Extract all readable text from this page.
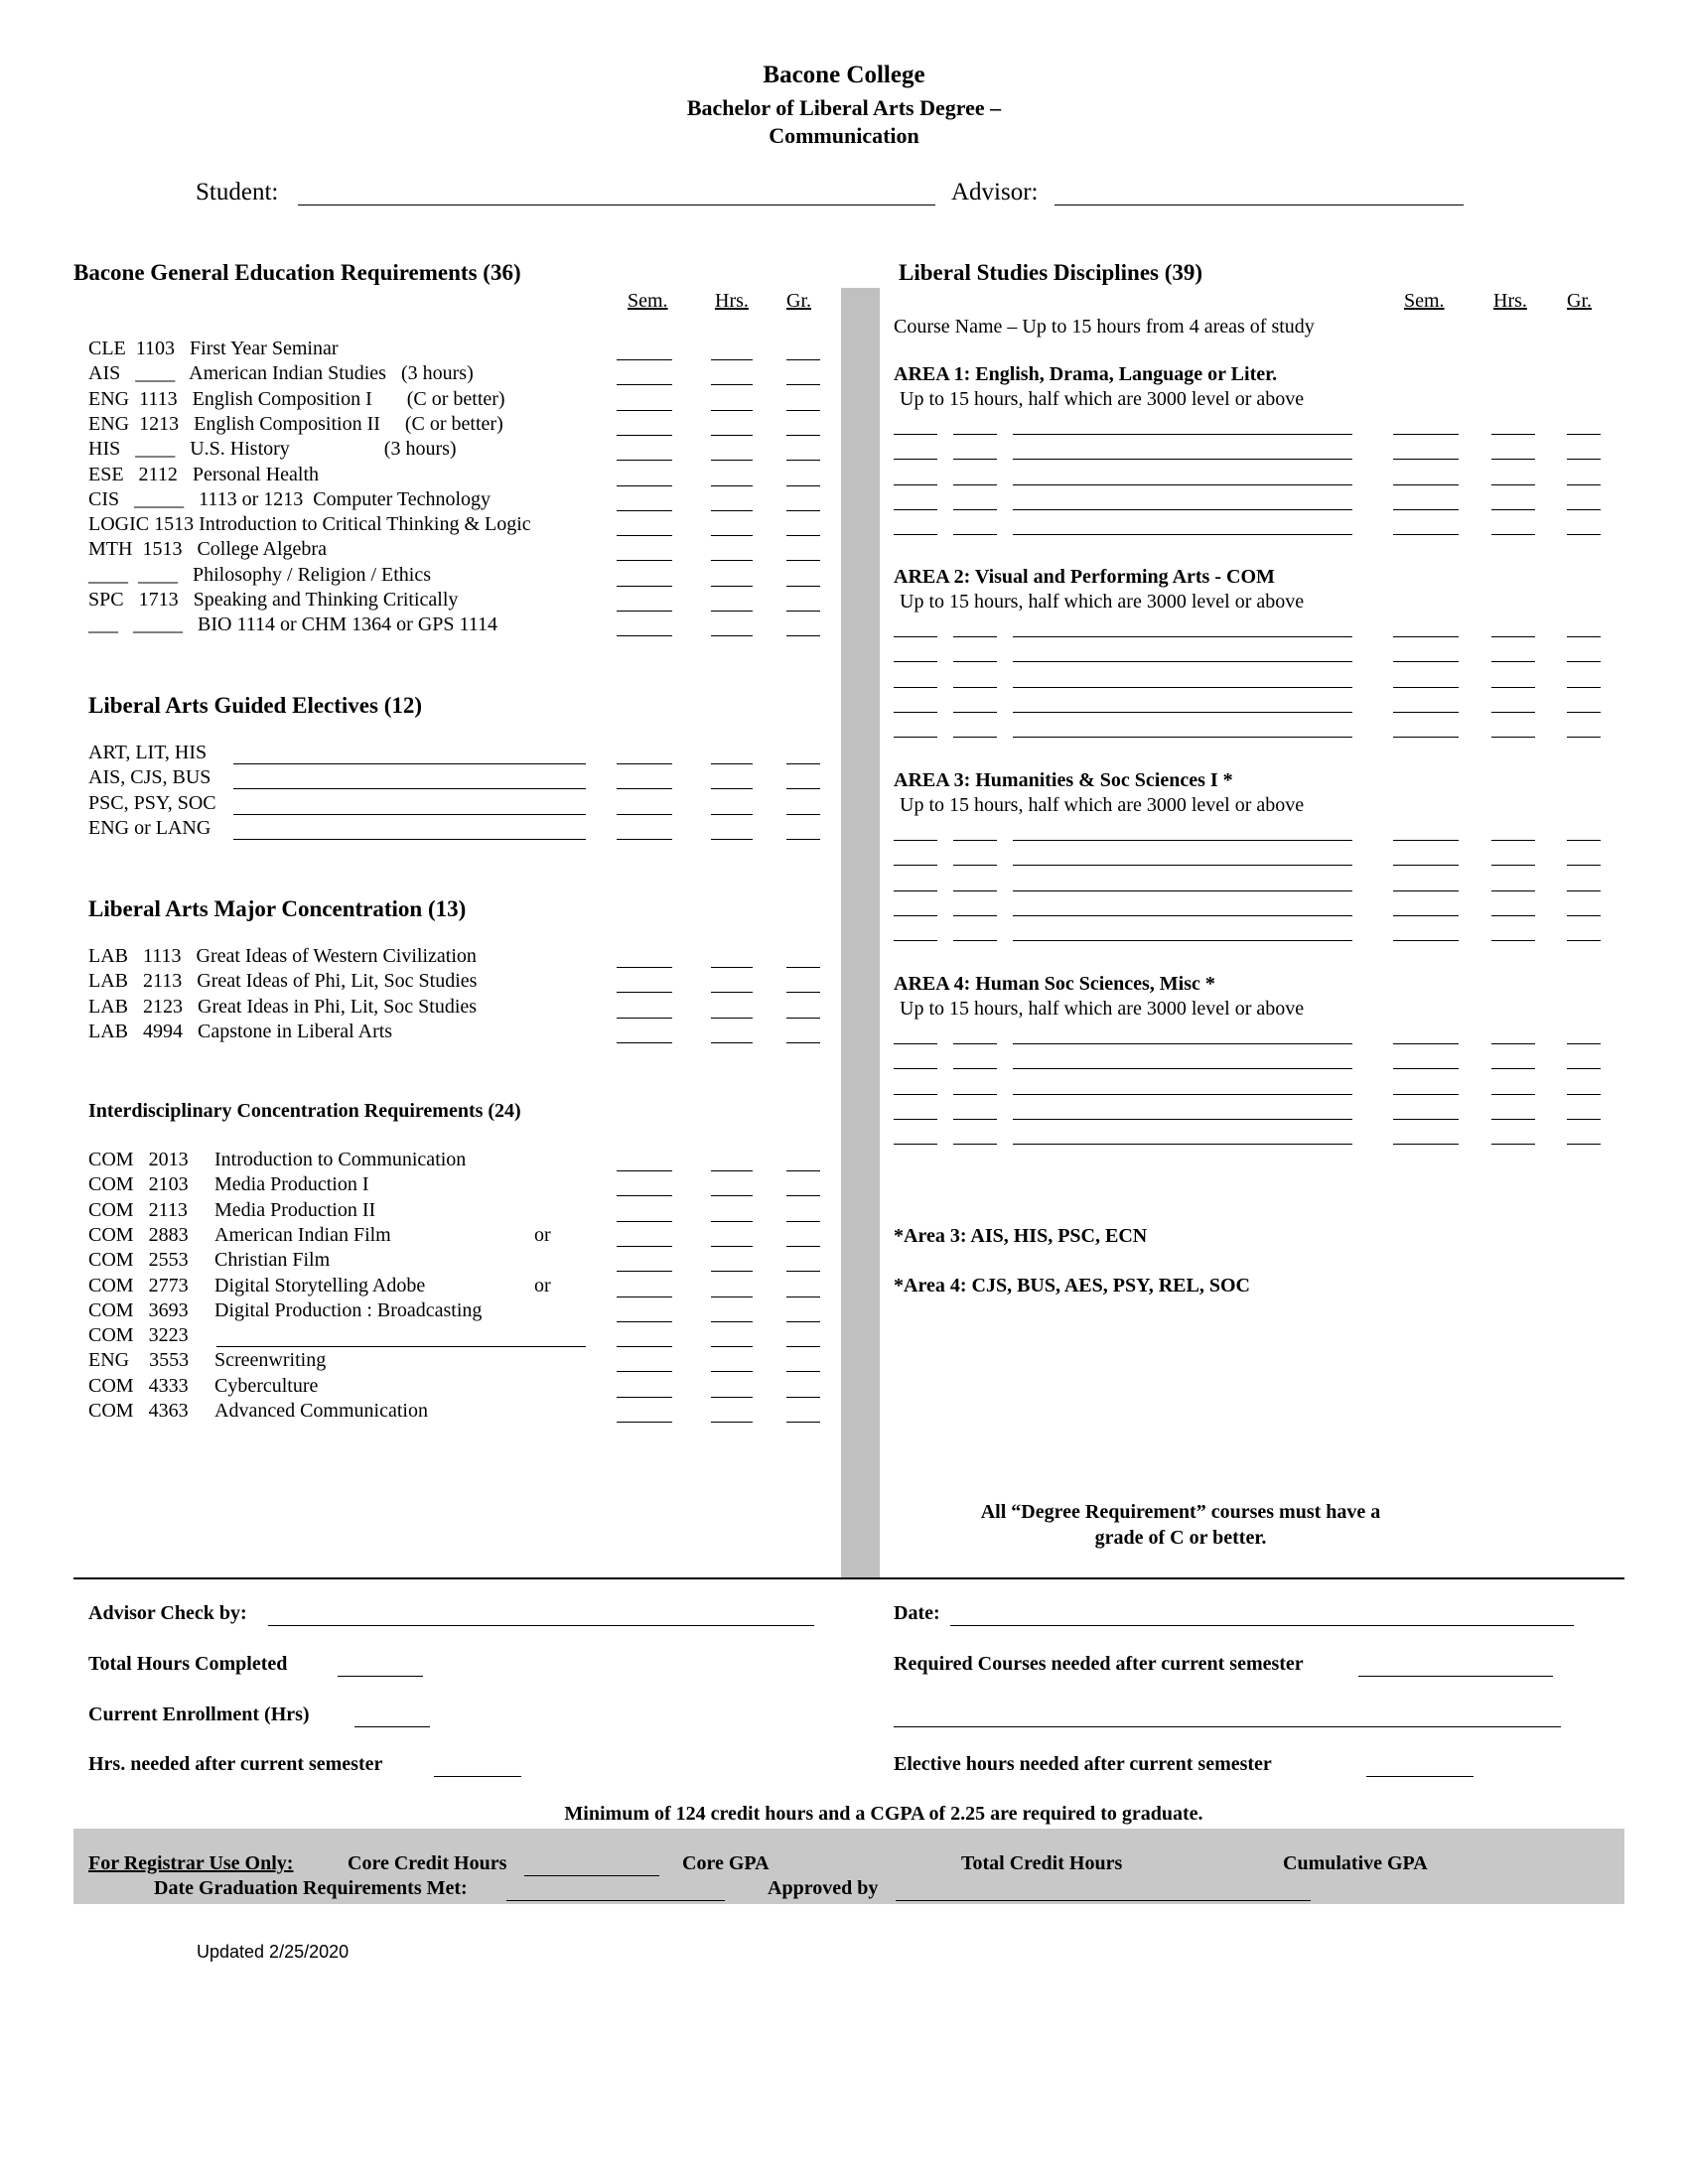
Bacone College
Bachelor of Liberal Arts Degree –
Communication
Student:	Advisor:
Bacone General Education Requirements (36)
Sem. Hrs. Gr.
CLE  1103   First Year Seminar
AIS   ____   American Indian Studies   (3 hours)
ENG  1113   English Composition I       (C or better)
ENG  1213   English Composition II     (C or better)
HIS   ____   U.S. History                   (3 hours)
ESE   2112   Personal Health
CIS   _____   1113 or 1213  Computer Technology
LOGIC 1513 Introduction to Critical Thinking & Logic
MTH  1513   College Algebra
____  ____   Philosophy / Religion / Ethics
SPC   1713   Speaking and Thinking Critically
___   _____   BIO 1114 or CHM 1364 or GPS 1114
Liberal Arts Guided Electives (12)
ART, LIT, HIS
AIS, CJS, BUS
PSC, PSY, SOC
ENG or LANG
Liberal Arts Major Concentration (13)
LAB   1113   Great Ideas of Western Civilization
LAB   2113   Great Ideas of Phi, Lit, Soc Studies
LAB   2123   Great Ideas in Phi, Lit, Soc Studies
LAB   4994   Capstone in Liberal Arts
Interdisciplinary Concentration Requirements (24)
COM   2013 Introduction to Communication
COM   2103 Media Production I
COM   2113 Media Production II
COM   2883 American Indian Film	or
COM   2553 Christian Film
COM   2773 Digital Storytelling Adobe	or
COM   3693 Digital Production : Broadcasting
COM   3223
ENG    3553 Screenwriting
COM   4333 Cyberculture
COM   4363 Advanced Communication
Liberal Studies Disciplines (39)
Sem. Hrs. Gr.
Course Name – Up to 15 hours from 4 areas of study
AREA 1: English, Drama, Language or Liter.
Up to 15 hours, half which are 3000 level or above
AREA 2: Visual and Performing Arts - COM
Up to 15 hours, half which are 3000 level or above
AREA 3: Humanities & Soc Sciences I *
Up to 15 hours, half which are 3000 level or above
AREA 4: Human Soc Sciences, Misc *
Up to 15 hours, half which are 3000 level or above
*Area 3: AIS, HIS, PSC, ECN
*Area 4: CJS, BUS, AES, PSY, REL, SOC
All “Degree Requirement” courses must have a
grade of C or better.
Advisor Check by:	Date:
Total Hours Completed	Required Courses needed after current semester
Current Enrollment (Hrs)
Hrs. needed after current semester	Elective hours needed after current semester
Minimum of 124 credit hours and a CGPA of 2.25 are required to graduate.
For Registrar Use Only:	Core Credit Hours	Core GPA	Total Credit Hours	Cumulative GPA
Date Graduation Requirements Met:	Approved by
Updated 2/25/2020
